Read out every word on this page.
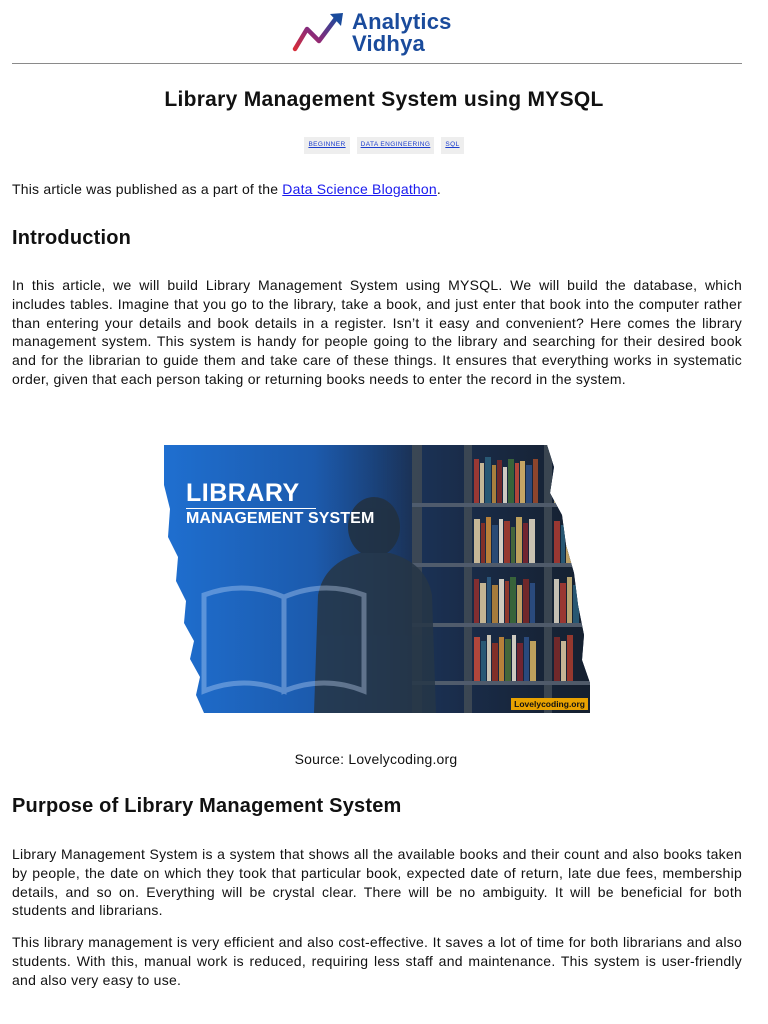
Analytics
Vidhya
Library Management System using MYSQL
BEGINNER	DATA ENGINEERING	SQL

This article was published as a part of the Data Science Blogathon.

Introduction

In this article, we will build Library Management System using MYSQL. We will build the database, which includes tables. Imagine that you go to the library, take a book, and just enter that book into the computer rather than entering your details and book details in a register. Isn’t it easy and convenient? Here comes the library management system. This system is handy for people going to the library and searching for their desired book and for the librarian to guide them and take care of these things. It ensures that everything works in systematic order, given that each person taking or returning books needs to enter the record in the system.

LIBRARY
MANAGEMENT SYSTEM
Lovelycoding.org

Source: Lovelycoding.org

Purpose of Library Management System

Library Management System is a system that shows all the available books and their count and also books taken by people, the date on which they took that particular book, expected date of return, late due fees, membership details, and so on. Everything will be crystal clear. There will be no ambiguity. It will be beneficial for both students and librarians.

This library management is very efficient and also cost-effective. It saves a lot of time for both librarians and also students. With this, manual work is reduced, requiring less staff and maintenance. This system is user-friendly and also very easy to use.
